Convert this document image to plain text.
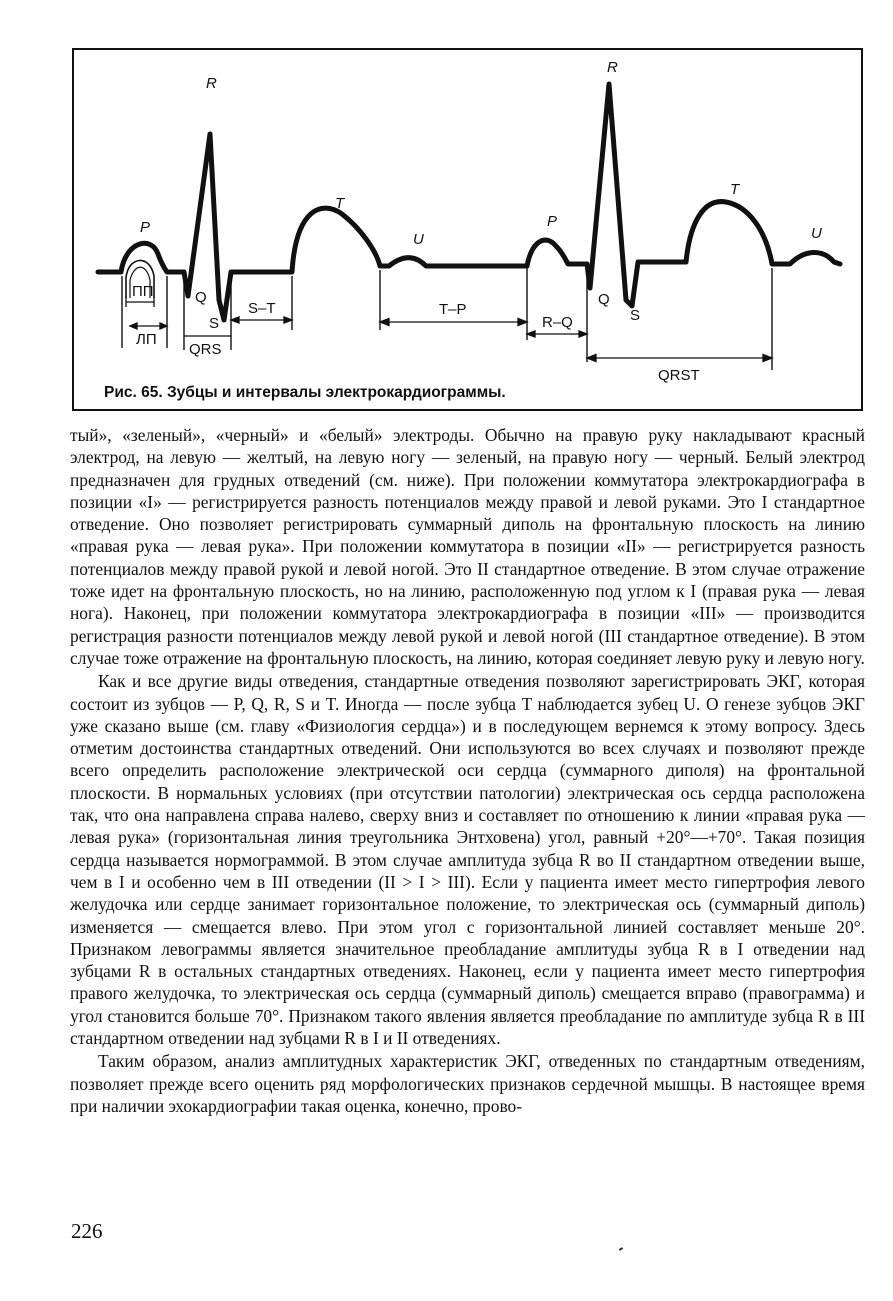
P
R
Q
S
T
U
P
R
Q
S
T
U
ПП
ЛП
QRS
S–T	T–P
R–Q
QRST
Рис. 65. Зубцы и интервалы электрокардиограммы.

тый», «зеленый», «черный» и «белый» электроды. Обычно на правую руку накладывают красный электрод, на левую — желтый, на левую ногу — зеленый, на правую ногу — черный. Белый электрод предназначен для грудных отведений (см. ниже). При положении коммутатора электрокардиографа в позиции «I» — регистрируется разность потенциалов между правой и левой руками. Это I стандартное отведение. Оно позволяет регистрировать суммарный диполь на фронтальную плоскость на линию «правая рука — левая рука». При положении коммутатора в позиции «II» — регистрируется разность потенциалов между правой рукой и левой ногой. Это II стандартное отведение. В этом случае отражение тоже идет на фронтальную плоскость, но на линию, расположенную под углом к I (правая рука — левая нога). Наконец, при положении коммутатора электрокардиографа в позиции «III» — производится регистрация разности потенциалов между левой рукой и левой ногой (III стандартное отведение). В этом случае тоже отражение на фронтальную плоскость, на линию, которая соединяет левую руку и левую ногу.

Как и все другие виды отведения, стандартные отведения позволяют зарегистрировать ЭКГ, которая состоит из зубцов — P, Q, R, S и T. Иногда — после зубца T наблюдается зубец U. О генезе зубцов ЭКГ уже сказано выше (см. главу «Физиология сердца») и в последующем вернемся к этому вопросу. Здесь отметим достоинства стандартных отведений. Они используются во всех случаях и позволяют прежде всего определить расположение электрической оси сердца (суммарного диполя) на фронтальной плоскости. В нормальных условиях (при отсутствии патологии) электрическая ось сердца расположена так, что она направлена справа налево, сверху вниз и составляет по отношению к линии «правая рука — левая рука» (горизонтальная линия треугольника Энтховена) угол, равный +20°—+70°. Такая позиция сердца называется нормограммой. В этом случае амплитуда зубца R во II стандартном отведении выше, чем в I и особенно чем в III отведении (II > I > III). Если у пациента имеет место гипертрофия левого желудочка или сердце занимает горизонтальное положение, то электрическая ось (суммарный диполь) изменяется — смещается влево. При этом угол с горизонтальной линией составляет меньше 20°. Признаком левограммы является значительное преобладание амплитуды зубца R в I отведении над зубцами R в остальных стандартных отведениях. Наконец, если у пациента имеет место гипертрофия правого желудочка, то электрическая ось сердца (суммарный диполь) смещается вправо (правограмма) и угол становится больше 70°. Признаком такого явления является преобладание по амплитуде зубца R в III стандартном отведении над зубцами R в I и II отведениях.

Таким образом, анализ амплитудных характеристик ЭКГ, отведенных по стандартным отведениям, позволяет прежде всего оценить ряд морфологических признаков сердечной мышцы. В настоящее время при наличии эхокардиографии такая оценка, конечно, прово-

226
